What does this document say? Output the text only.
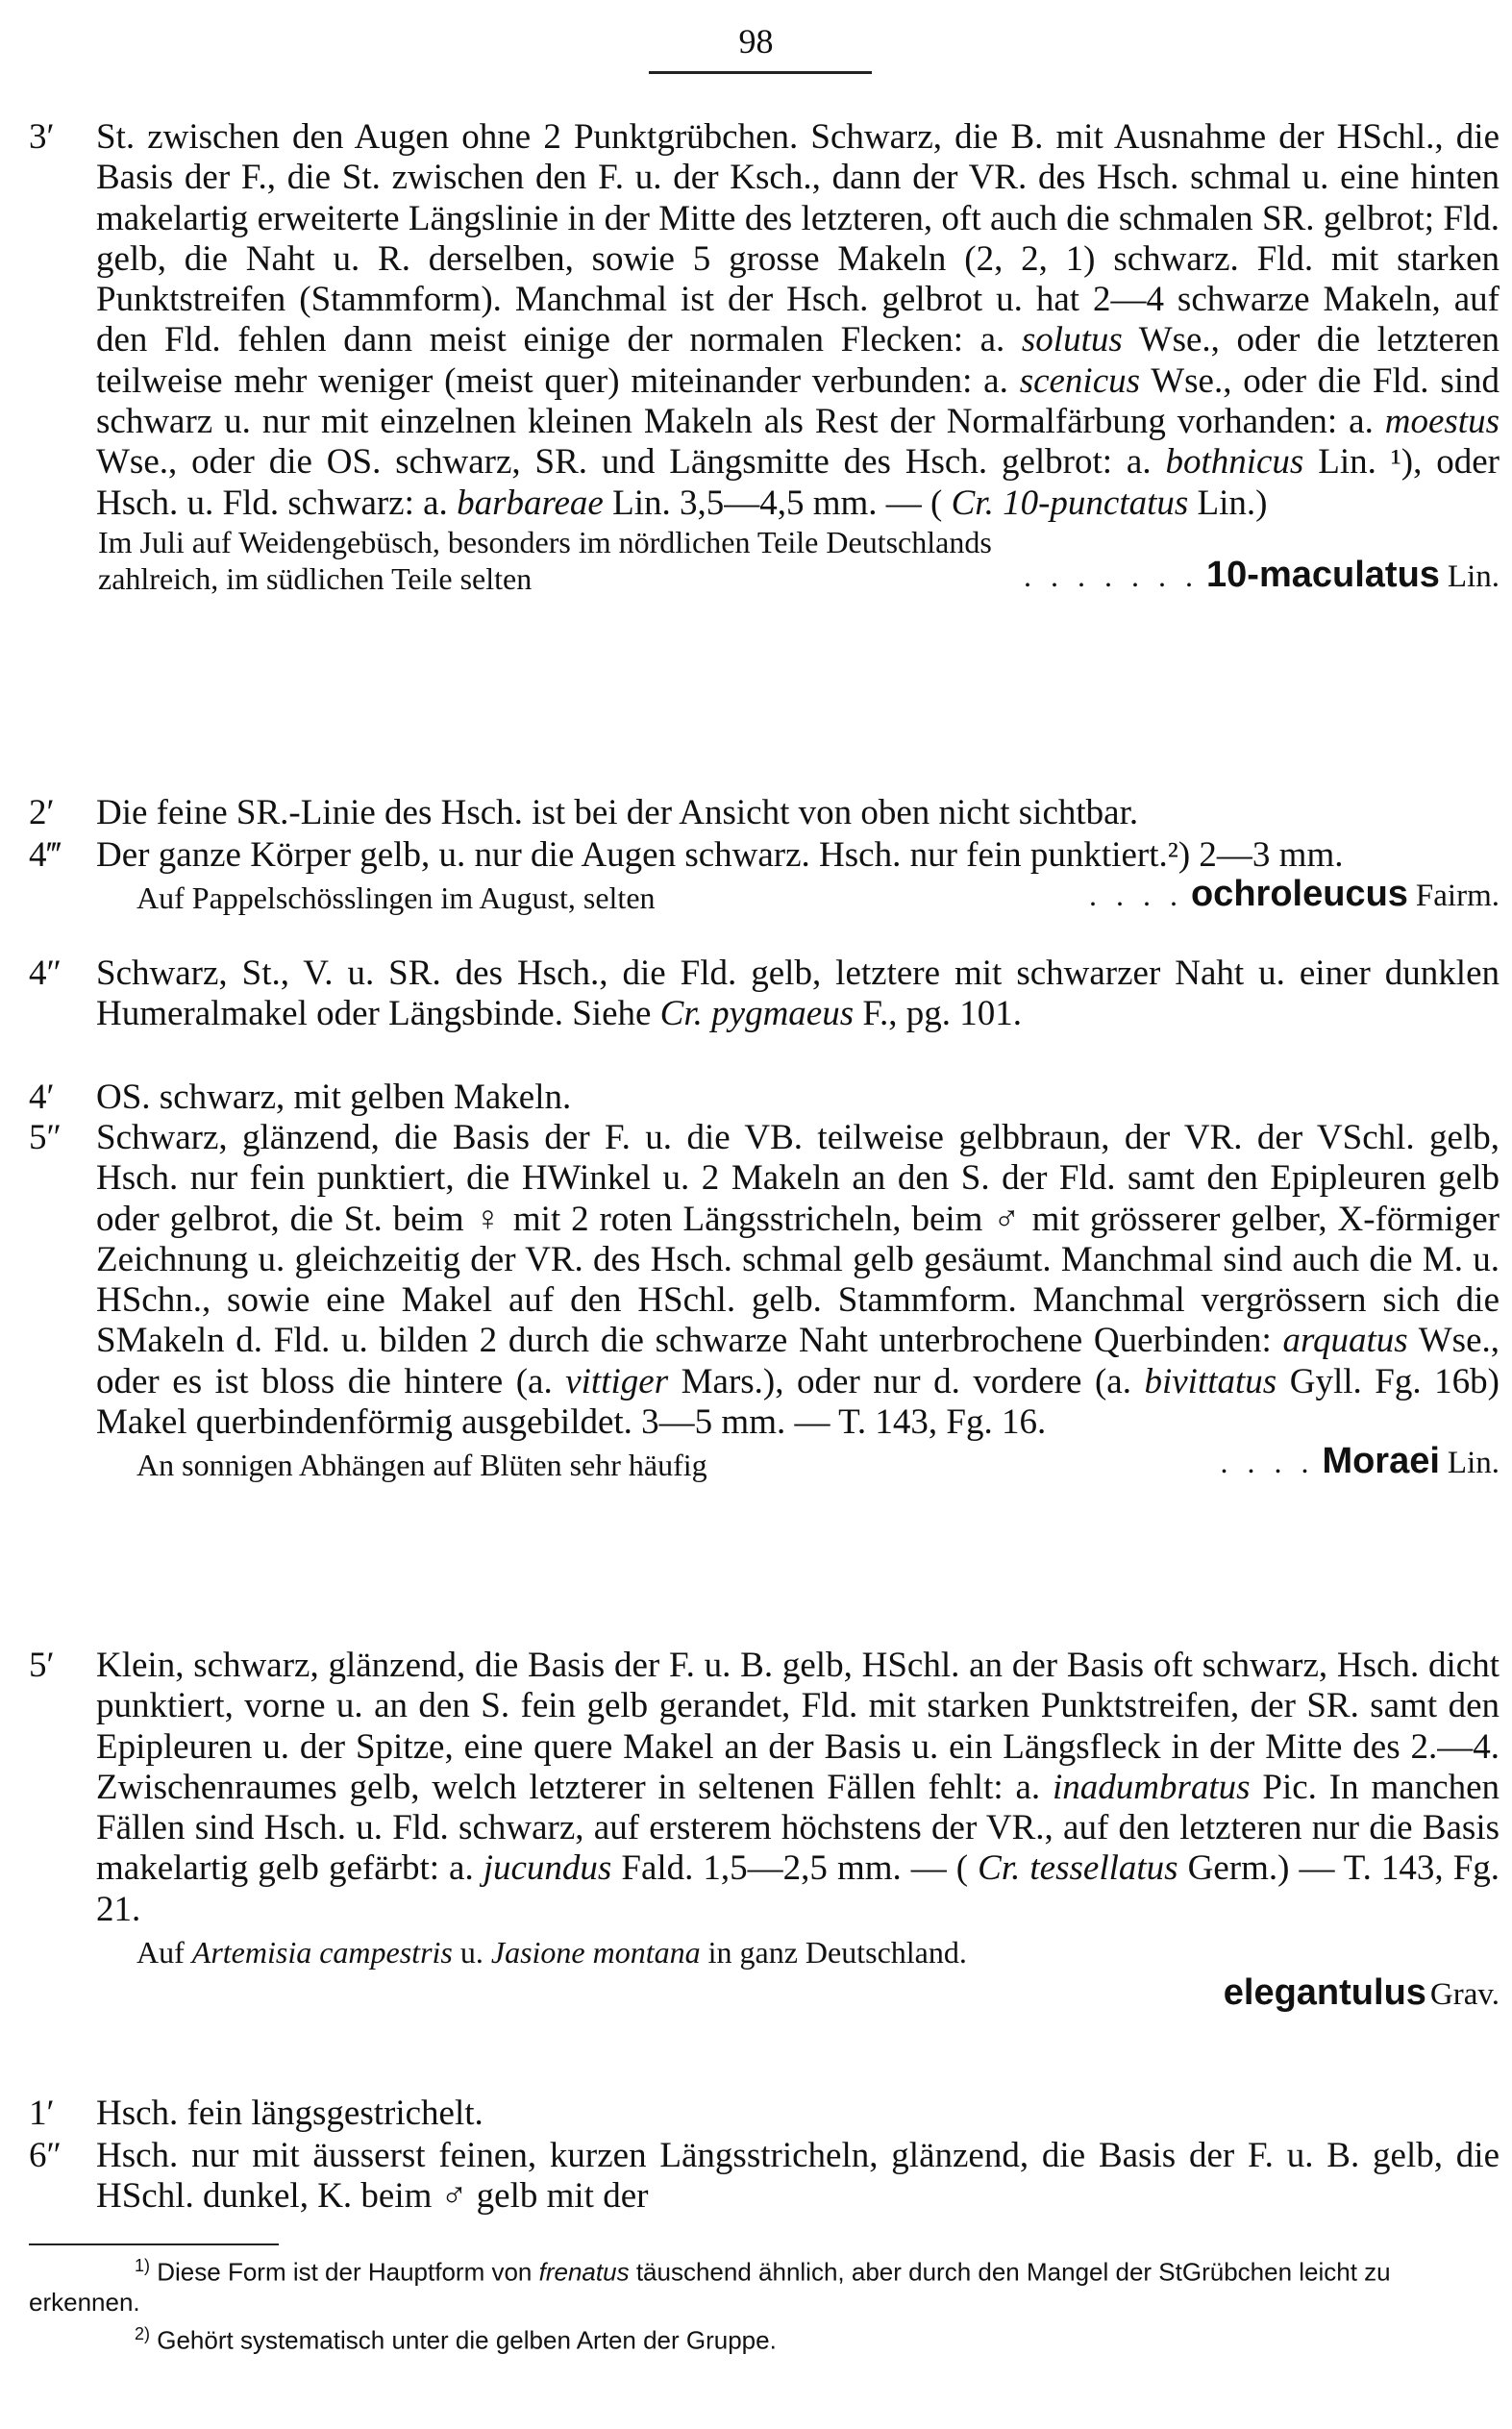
98
3′	St. zwischen den Augen ohne 2 Punktgrübchen. Schwarz, die B. mit Ausnahme der HSchl., die Basis der F., die St. zwischen den F. u. der Ksch., dann der VR. des Hsch. schmal u. eine hinten makelartig erweiterte Längslinie in der Mitte des letzteren, oft auch die schmalen SR. gelbrot; Fld. gelb, die Naht u. R. derselben, sowie 5 grosse Makeln (2, 2, 1) schwarz. Fld. mit starken Punktstreifen (Stammform). Manchmal ist der Hsch. gelbrot u. hat 2—4 schwarze Makeln, auf den Fld. fehlen dann meist einige der normalen Flecken: a. solutus Wse., oder die letzteren teilweise mehr weniger (meist quer) miteinander verbunden: a. scenicus Wse., oder die Fld. sind schwarz u. nur mit einzelnen kleinen Makeln als Rest der Normalfärbung vorhanden: a. moestus Wse., oder die OS. schwarz, SR. und Längsmitte des Hsch. gelbrot: a. bothnicus Lin. ¹), oder Hsch. u. Fld. schwarz: a. barbareae Lin. 3,5—4,5 mm. — ( Cr. 10-punctatus Lin.)
Im Juli auf Weidengebüsch, besonders im nördlichen Teile Deutschlands
zahlreich, im südlichen Teile selten	. . . . . . . 10-maculatus Lin.
2′	Die feine SR.-Linie des Hsch. ist bei der Ansicht von oben nicht sichtbar.
4‴ Der ganze Körper gelb, u. nur die Augen schwarz. Hsch. nur fein punktiert.²) 2—3 mm.
Auf Pappelschösslingen im August, selten	. . . . ochroleucus Fairm.
4″ Schwarz, St., V. u. SR. des Hsch., die Fld. gelb, letztere mit schwarzer Naht u. einer dunklen Humeralmakel oder Längsbinde. Siehe Cr. pygmaeus F., pg. 101.
4′	OS. schwarz, mit gelben Makeln.
5″ Schwarz, glänzend, die Basis der F. u. die VB. teilweise gelbbraun, der VR. der VSchl. gelb, Hsch. nur fein punktiert, die HWinkel u. 2 Makeln an den S. der Fld. samt den Epipleuren gelb oder gelbrot, die St. beim ♀ mit 2 roten Längsstricheln, beim ♂ mit grösserer gelber, X-förmiger Zeichnung u. gleichzeitig der VR. des Hsch. schmal gelb gesäumt. Manchmal sind auch die M. u. HSchn., sowie eine Makel auf den HSchl. gelb. Stammform. Manchmal vergrössern sich die SMakeln d. Fld. u. bilden 2 durch die schwarze Naht unterbrochene Querbinden: arquatus Wse., oder es ist bloss die hintere (a. vittiger Mars.), oder nur d. vordere (a. bivittatus Gyll. Fg. 16b) Makel querbindenförmig ausgebildet. 3—5 mm. — T. 143, Fg. 16.
An sonnigen Abhängen auf Blüten sehr häufig	. . . . Moraei Lin.
5′	Klein, schwarz, glänzend, die Basis der F. u. B. gelb, HSchl. an der Basis oft schwarz, Hsch. dicht punktiert, vorne u. an den S. fein gelb gerandet, Fld. mit starken Punktstreifen, der SR. samt den Epipleuren u. der Spitze, eine quere Makel an der Basis u. ein Längsfleck in der Mitte des 2.—4. Zwischenraumes gelb, welch letzterer in seltenen Fällen fehlt: a. inadumbratus Pic. In manchen Fällen sind Hsch. u. Fld. schwarz, auf ersterem höchstens der VR., auf den letzteren nur die Basis makelartig gelb gefärbt: a. jucundus Fald. 1,5—2,5 mm. — ( Cr. tessellatus Germ.) — T. 143, Fg. 21.
Auf Artemisia campestris u. Jasione montana in ganz Deutschland.
elegantulus Grav.
1′	Hsch. fein längsgestrichelt.
6″ Hsch. nur mit äusserst feinen, kurzen Längsstricheln, glänzend, die Basis der F. u. B. gelb, die HSchl. dunkel, K. beim ♂ gelb mit der
$^{1)}$ Diese Form ist der Hauptform von frenatus täuschend ähnlich, aber durch den Mangel der StGrübchen leicht zu erkennen.
$^{2)}$ Gehört systematisch unter die gelben Arten der Gruppe.
